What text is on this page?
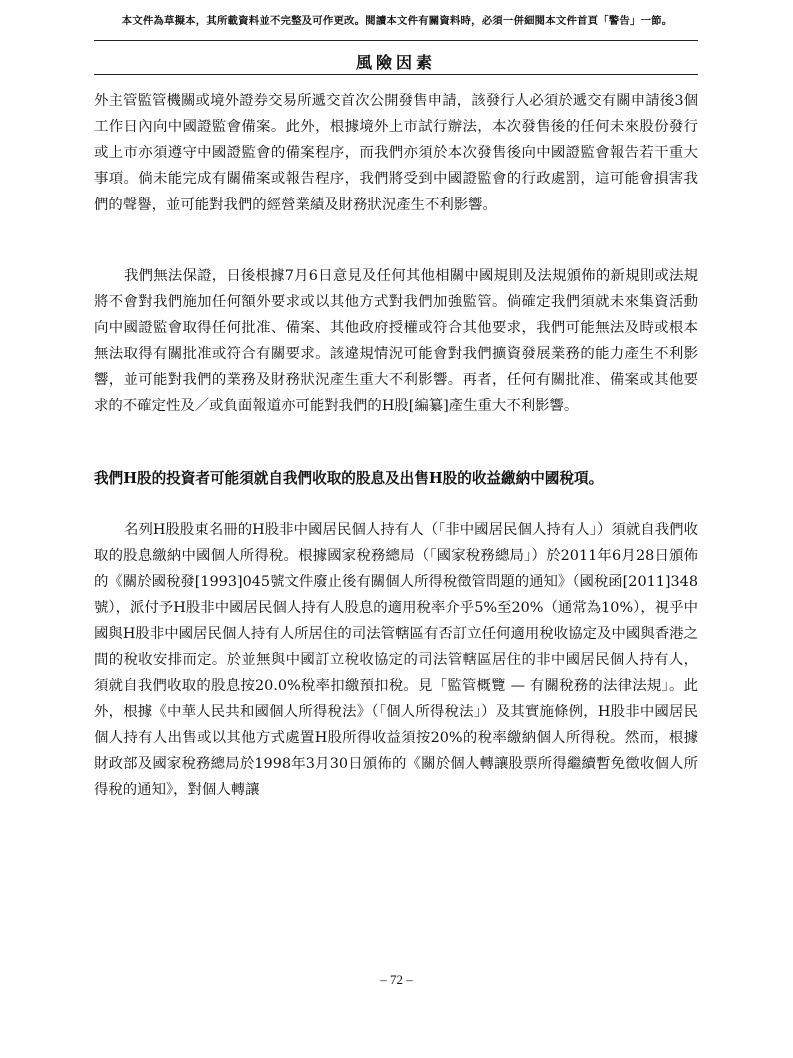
本文件為草擬本，其所載資料並不完整及可作更改。閱讀本文件有關資料時，必須一併細閱本文件首頁「警告」一節。
風險因素

外主管監管機關或境外證券交易所遞交首次公開發售申請，該發行人必須於遞交有關申請後3個工作日內向中國證監會備案。此外，根據境外上市試行辦法，本次發售後的任何未來股份發行或上市亦須遵守中國證監會的備案程序，而我們亦須於本次發售後向中國證監會報告若干重大事項。倘未能完成有關備案或報告程序，我們將受到中國證監會的行政處罰，這可能會損害我們的聲譽，並可能對我們的經營業績及財務狀況產生不利影響。

我們無法保證，日後根據7月6日意見及任何其他相關中國規則及法規頒佈的新規則或法規將不會對我們施加任何額外要求或以其他方式對我們加強監管。倘確定我們須就未來集資活動向中國證監會取得任何批准、備案、其他政府授權或符合其他要求，我們可能無法及時或根本無法取得有關批准或符合有關要求。該違規情況可能會對我們擴資發展業務的能力產生不利影響，並可能對我們的業務及財務狀況產生重大不利影響。再者，任何有關批准、備案或其他要求的不確定性及／或負面報道亦可能對我們的H股[編纂]產生重大不利影響。

我們H股的投資者可能須就自我們收取的股息及出售H股的收益繳納中國稅項。

名列H股股東名冊的H股非中國居民個人持有人（「非中國居民個人持有人」）須就自我們收取的股息繳納中國個人所得稅。根據國家稅務總局（「國家稅務總局」）於2011年6月28日頒佈的《關於國稅發[1993]045號文件廢止後有關個人所得稅徵管問題的通知》（國稅函[2011]348號），派付予H股非中國居民個人持有人股息的適用稅率介乎5%至20%（通常為10%），視乎中國與H股非中國居民個人持有人所居住的司法管轄區有否訂立任何適用稅收協定及中國與香港之間的稅收安排而定。於並無與中國訂立稅收協定的司法管轄區居住的非中國居民個人持有人，須就自我們收取的股息按20.0%稅率扣繳預扣稅。見「監管概覽 — 有關稅務的法律法規」。此外，根據《中華人民共和國個人所得稅法》（「個人所得稅法」）及其實施條例，H股非中國居民個人持有人出售或以其他方式處置H股所得收益須按20%的稅率繳納個人所得稅。然而，根據財政部及國家稅務總局於1998年3月30日頒佈的《關於個人轉讓股票所得繼續暫免徵收個人所得稅的通知》，對個人轉讓

– 72 –
